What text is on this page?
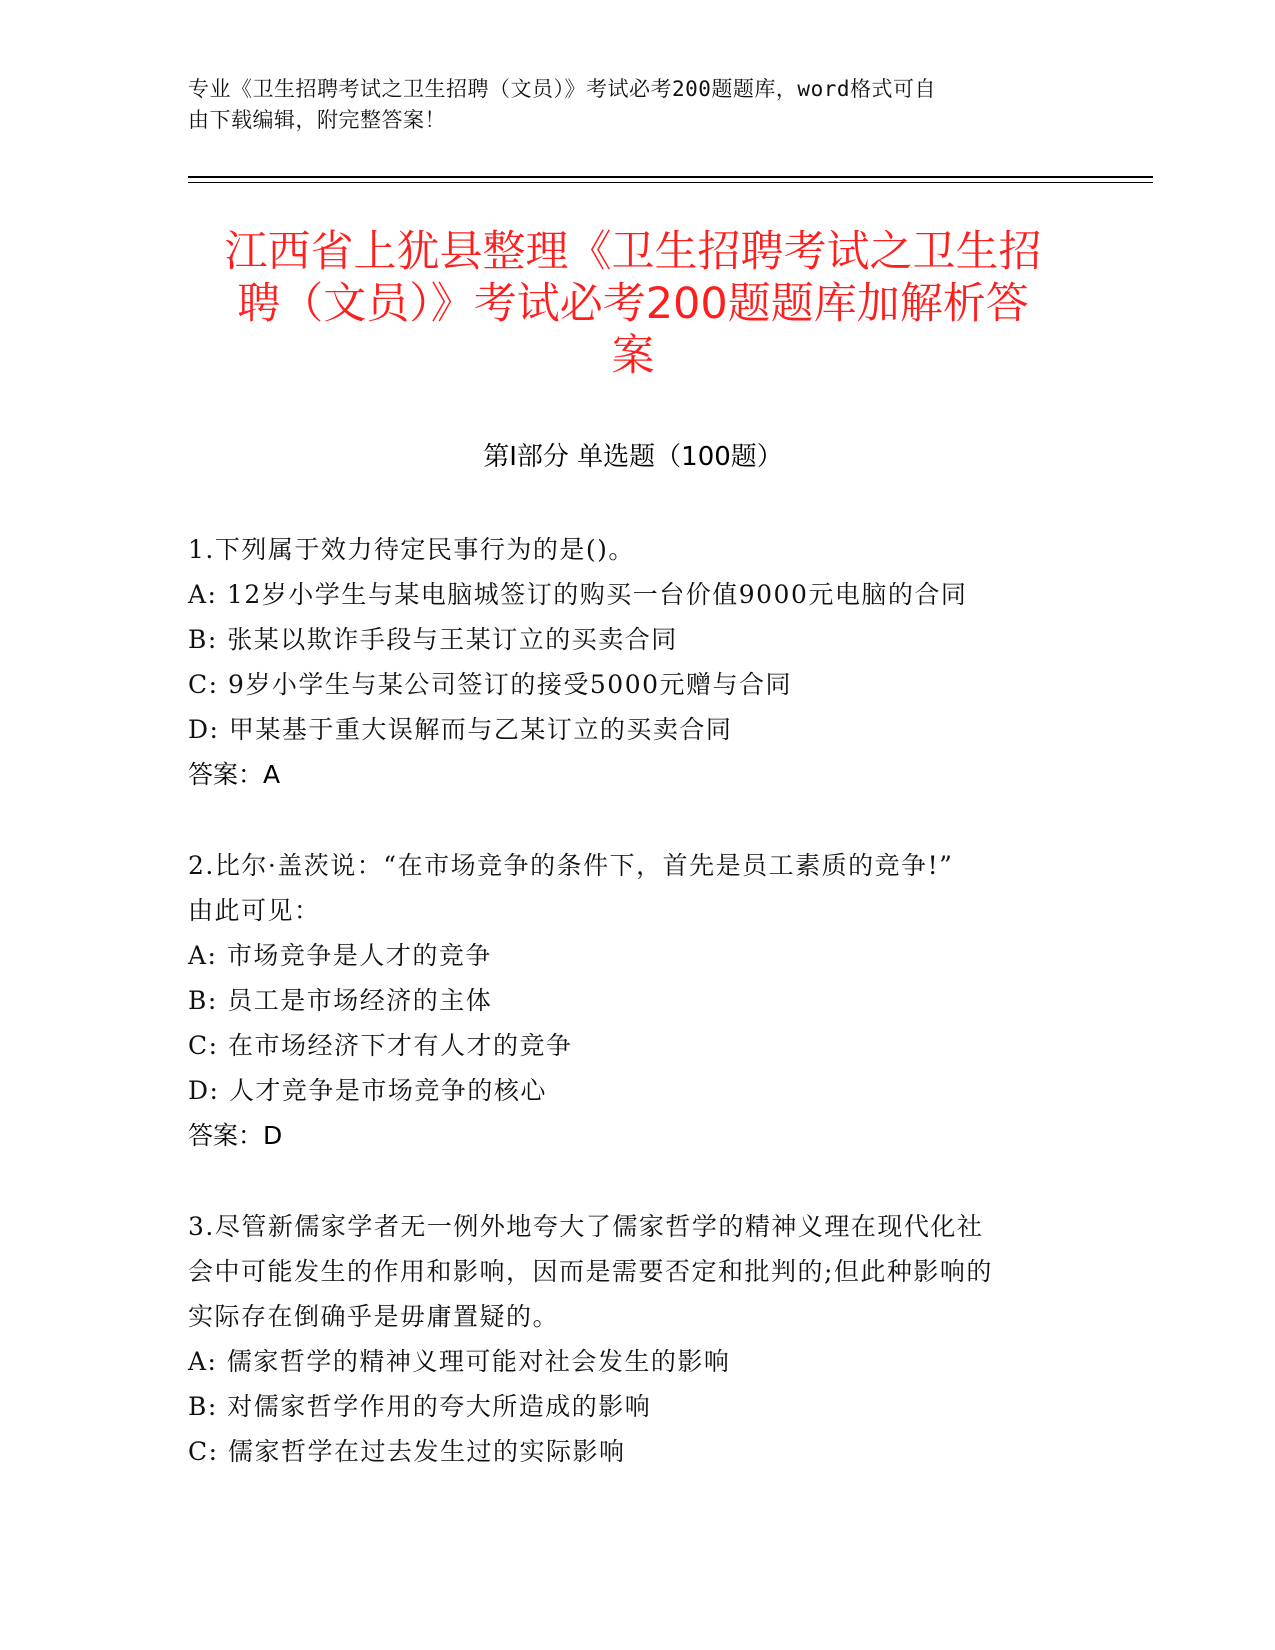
专业《卫生招聘考试之卫生招聘（文员）》考试必考200题题库，word格式可自
由下载编辑，附完整答案！
江西省上犹县整理《卫生招聘考试之卫生招
聘（文员）》考试必考200题题库加解析答
案
第Ⅰ部分 单选题（100题）
1.下列属于效力待定民事行为的是()。
A: 12岁小学生与某电脑城签订的购买一台价值9000元电脑的合同
B: 张某以欺诈手段与王某订立的买卖合同
C: 9岁小学生与某公司签订的接受5000元赠与合同
D: 甲某基于重大误解而与乙某订立的买卖合同
答案：A
2.比尔·盖茨说：“在市场竞争的条件下，首先是员工素质的竞争!”
由此可见：
A: 市场竞争是人才的竞争
B: 员工是市场经济的主体
C: 在市场经济下才有人才的竞争
D: 人才竞争是市场竞争的核心
答案：D
3.尽管新儒家学者无一例外地夸大了儒家哲学的精神义理在现代化社
会中可能发生的作用和影响，因而是需要否定和批判的;但此种影响的
实际存在倒确乎是毋庸置疑的。
A: 儒家哲学的精神义理可能对社会发生的影响
B: 对儒家哲学作用的夸大所造成的影响
C: 儒家哲学在过去发生过的实际影响
